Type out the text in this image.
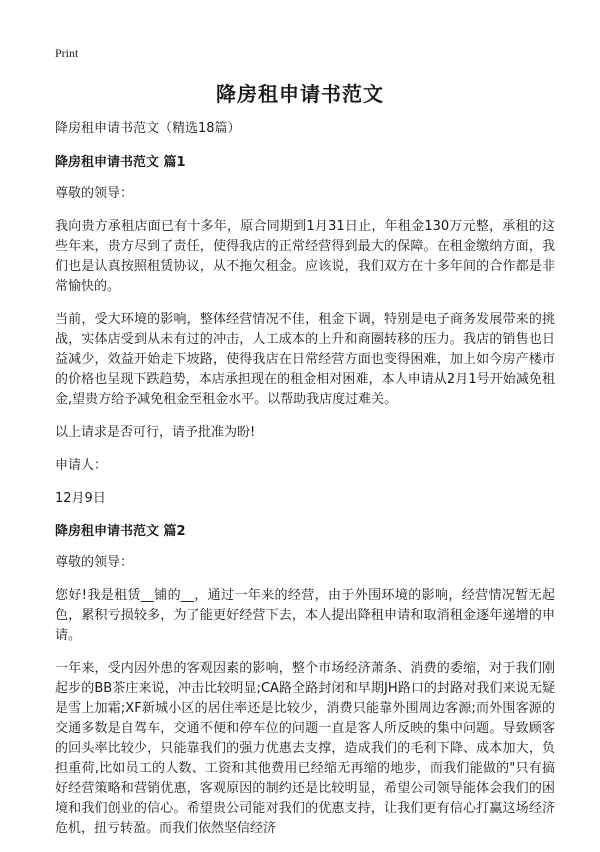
Print
降房租申请书范文

降房租申请书范文（精选18篇）

降房租申请书范文 篇1

尊敬的领导：

我向贵方承租店面已有十多年，原合同期到1月31日止，年租金130万元整，承租的这些年来，贵方尽到了责任，使得我店的正常经营得到最大的保障。在租金缴纳方面，我们也是认真按照租赁协议，从不拖欠租金。应该说，我们双方在十多年间的合作都是非常愉快的。

当前，受大环境的影响，整体经营情况不佳，租金下调，特别是电子商务发展带来的挑战，实体店受到从未有过的冲击，人工成本的上升和商圈转移的压力。我店的销售也日益减少，效益开始走下坡路，使得我店在日常经营方面也变得困难，加上如今房产楼市的价格也呈现下跌趋势，本店承担现在的租金相对困难，本人申请从2月1号开始减免租金,望贵方给予减免租金至租金水平。以帮助我店度过难关。

以上请求是否可行，请予批准为盼!

申请人：

12月9日

降房租申请书范文 篇2

尊敬的领导：

您好!我是租赁__铺的__，通过一年来的经营，由于外围环境的影响，经营情况暂无起色，累积亏损较多，为了能更好经营下去，本人提出降租申请和取消租金逐年递增的申请。

一年来，受内因外患的客观因素的影响，整个市场经济萧条、消费的委缩，对于我们刚起步的BB茶庄来说，冲击比较明显;CA路全路封闭和早期JH路口的封路对我们来说无疑是雪上加霜;XF新城小区的居住率还是比较少，消费只能靠外围周边客源;而外围客源的交通多数是自驾车，交通不便和停车位的问题一直是客人所反映的集中问题。导致顾客的回头率比较少，只能靠我们的强力优惠去支撑，造成我们的毛利下降、成本加大，负担重荷,比如员工的人数、工资和其他费用已经缩无再缩的地步，而我们能做的"只有搞好经营策略和营销优惠，客观原因的制约还是比较明显，希望公司领导能体会我们的困境和我们创业的信心。希望贵公司能对我们的优惠支持，让我们更有信心打赢这场经济危机，扭亏转盈。而我们依然坚信经济
